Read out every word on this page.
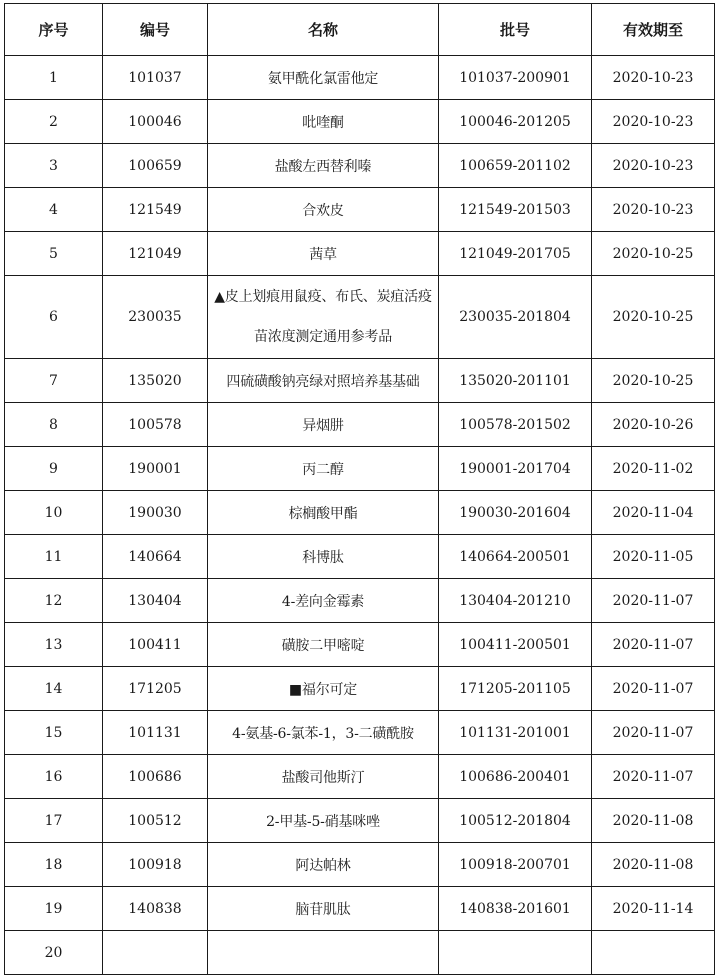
序号	编号	名称	批号	有效期至
1	101037	氨甲酰化氯雷他定	101037-200901	2020-10-23
2	100046	吡喹酮	100046-201205	2020-10-23
3	100659	盐酸左西替利嗪	100659-201102	2020-10-23
4	121549	合欢皮	121549-201503	2020-10-23
5	121049	茜草	121049-201705	2020-10-25
6	230035	▲皮上划痕用鼠疫、布氏、炭疽活疫苗浓度测定通用参考品	230035-201804	2020-10-25
7	135020	四硫磺酸钠亮绿对照培养基基础	135020-201101	2020-10-25
8	100578	异烟肼	100578-201502	2020-10-26
9	190001	丙二醇	190001-201704	2020-11-02
10	190030	棕榈酸甲酯	190030-201604	2020-11-04
11	140664	科博肽	140664-200501	2020-11-05
12	130404	4-差向金霉素	130404-201210	2020-11-07
13	100411	磺胺二甲嘧啶	100411-200501	2020-11-07
14	171205	■福尔可定	171205-201105	2020-11-07
15	101131	4-氨基-6-氯苯-1，3-二磺酰胺	101131-201001	2020-11-07
16	100686	盐酸司他斯汀	100686-200401	2020-11-07
17	100512	2-甲基-5-硝基咪唑	100512-201804	2020-11-08
18	100918	阿达帕林	100918-200701	2020-11-08
19	140838	脑苷肌肽	140838-201601	2020-11-14
20				
